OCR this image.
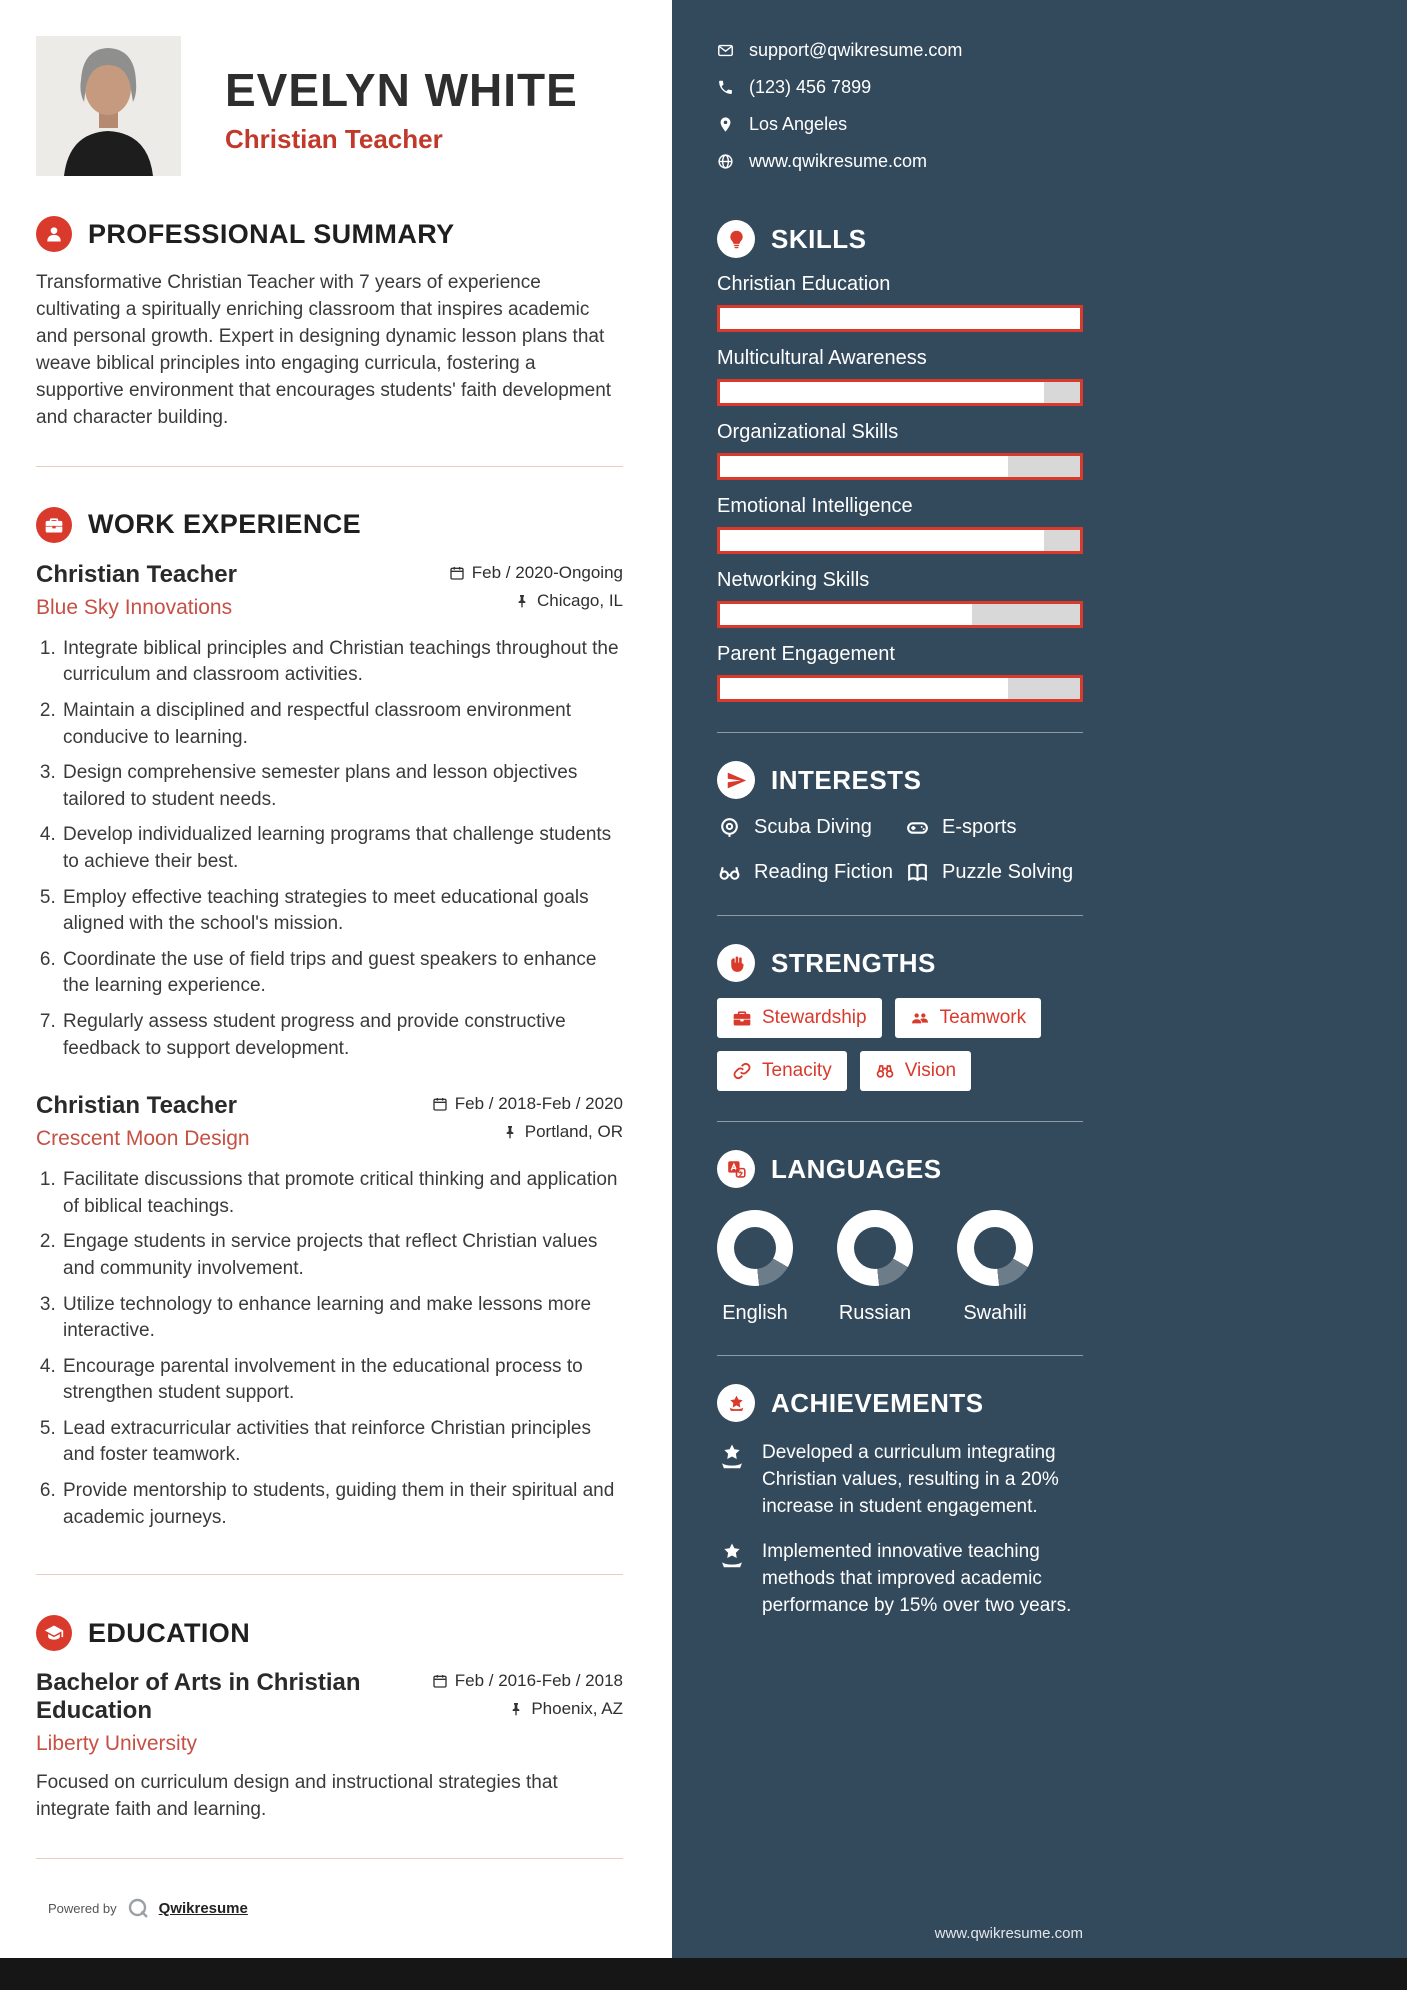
EVELYN WHITE
Christian Teacher
PROFESSIONAL SUMMARY

Transformative Christian Teacher with 7 years of experience cultivating a spiritually enriching classroom that inspires academic and personal growth. Expert in designing dynamic lesson plans that weave biblical principles into engaging curricula, fostering a supportive environment that encourages students' faith development and character building.

WORK EXPERIENCE
Christian Teacher
Blue Sky Innovations
Feb / 2020-Ongoing
Chicago, IL
1. Integrate biblical principles and Christian teachings throughout the curriculum and classroom activities.
2. Maintain a disciplined and respectful classroom environment conducive to learning.
3. Design comprehensive semester plans and lesson objectives tailored to student needs.
4. Develop individualized learning programs that challenge students to achieve their best.
5. Employ effective teaching strategies to meet educational goals aligned with the school's mission.
6. Coordinate the use of field trips and guest speakers to enhance the learning experience.
7. Regularly assess student progress and provide constructive feedback to support development.
Christian Teacher
Crescent Moon Design
Feb / 2018-Feb / 2020
Portland, OR
1. Facilitate discussions that promote critical thinking and application of biblical teachings.
2. Engage students in service projects that reflect Christian values and community involvement.
3. Utilize technology to enhance learning and make lessons more interactive.
4. Encourage parental involvement in the educational process to strengthen student support.
5. Lead extracurricular activities that reinforce Christian principles and foster teamwork.
6. Provide mentorship to students, guiding them in their spiritual and academic journeys.
EDUCATION
Bachelor of Arts in Christian Education
Liberty University
Feb / 2016-Feb / 2018
Phoenix, AZ

Focused on curriculum design and instructional strategies that integrate faith and learning.

Powered by	Qwikresume
support@qwikresume.com
(123) 456 7899
Los Angeles
www.qwikresume.com
SKILLS
Christian Education
Multicultural Awareness
Organizational Skills
Emotional Intelligence
Networking Skills
Parent Engagement
INTERESTS
Scuba Diving	E-sports
Reading Fiction Puzzle Solving
STRENGTHS
Stewardship	Teamwork
Tenacity	Vision
LANGUAGES
English	Russian	Swahili
ACHIEVEMENTS

Developed a curriculum integrating Christian values, resulting in a 20% increase in student engagement.

Implemented innovative teaching methods that improved academic performance by 15% over two years.

www.qwikresume.com
